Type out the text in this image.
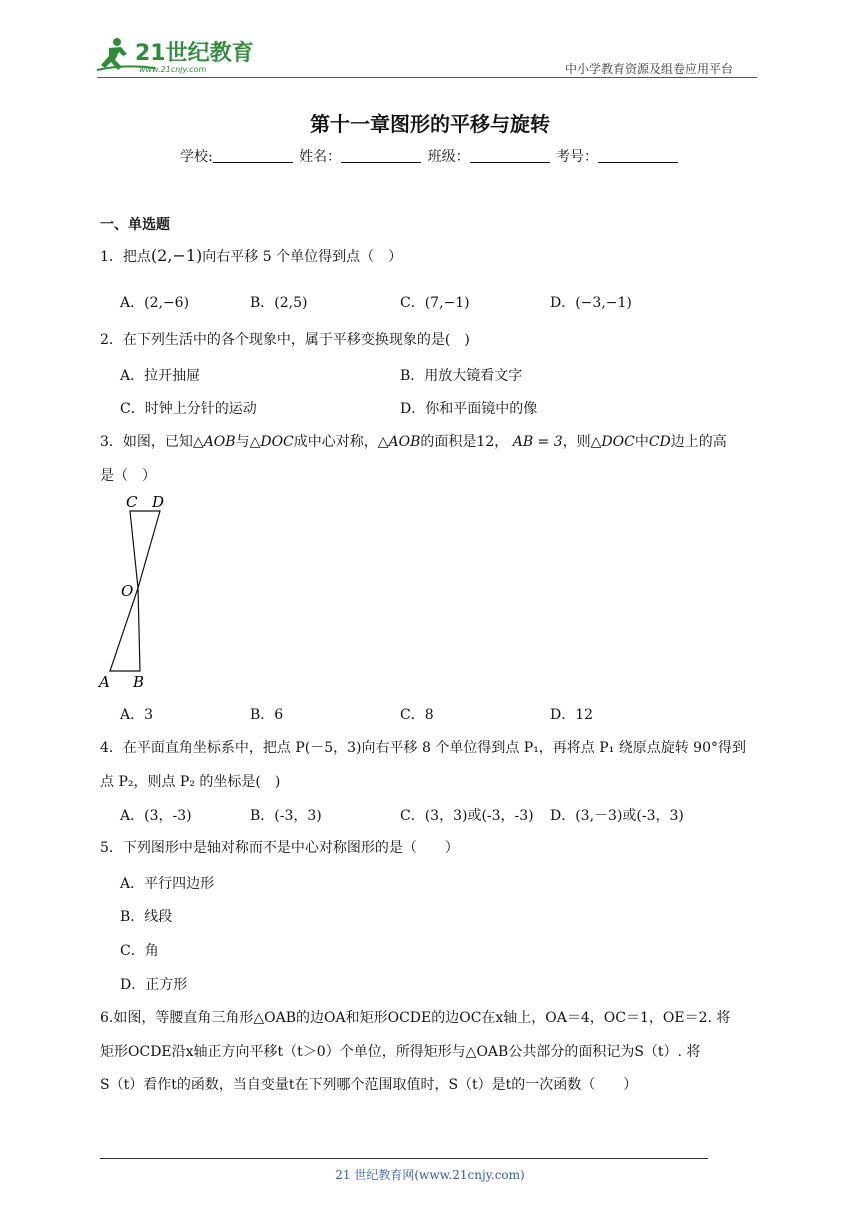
21世纪教育
www.21cnjy.com	中小学教育资源及组卷应用平台
第十一章图形的平移与旋转
学校:	姓名：	班级：	考号：
一、单选题
1．把点(2,−1)向右平移 5 个单位得到点（　）
A．(2,−6)	B．(2,5)	C．(7,−1)	D．(−3,−1)
2．在下列生活中的各个现象中，属于平移变换现象的是(　)
A．拉开抽屉	B．用放大镜看文字
C．时钟上分针的运动	D．你和平面镜中的像
3．如图，已知△AOB与△DOC成中心对称，△AOB的面积是12， AB = 3，则△DOC中CD边上的高
是（　）
C D
O
A B
A．3	B．6	C．8	D．12
4．在平面直角坐标系中，把点 P(－5，3)向右平移 8 个单位得到点 P₁，再将点 P₁ 绕原点旋转 90°得到
点 P₂，则点 P₂ 的坐标是(　)
A．(3，-3)	B．(-3，3)	C．(3，3)或(-3，-3) D．(3,－3)或(-3，3)
5．下列图形中是轴对称而不是中心对称图形的是（　　）
A．平行四边形
B．线段
C．角
D．正方形
6.如图，等腰直角三角形△OAB的边OA和矩形OCDE的边OC在x轴上，OA＝4，OC＝1，OE＝2. 将
矩形OCDE沿x轴正方向平移t（t＞0）个单位，所得矩形与△OAB公共部分的面积记为S（t）. 将
S（t）看作t的函数，当自变量t在下列哪个范围取值时，S（t）是t的一次函数（　　）
21 世纪教育网(www.21cnjy.com)
